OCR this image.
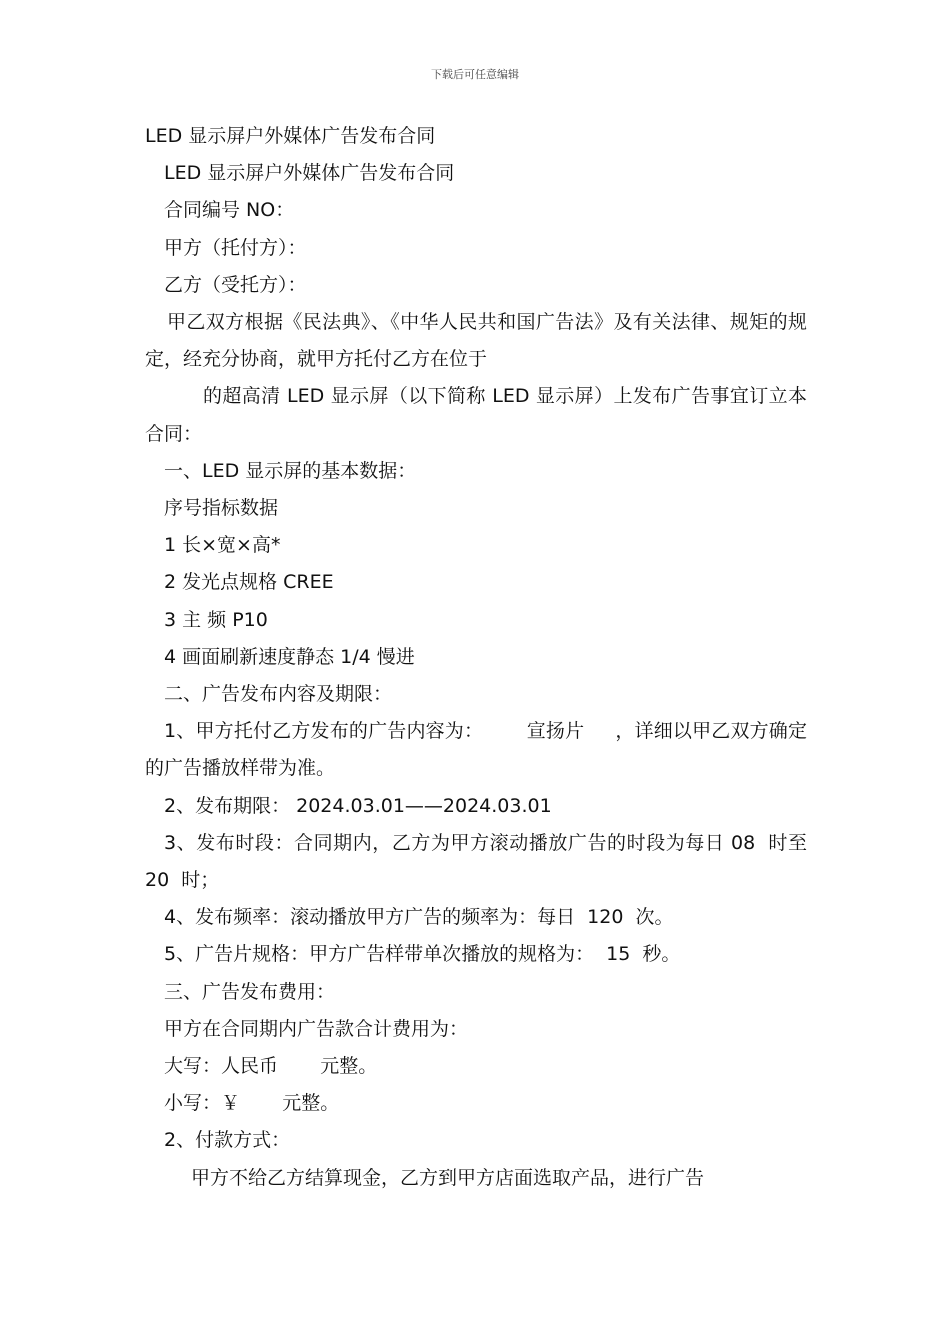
下载后可任意编辑

LED 显示屏户外媒体广告发布合同

LED 显示屏户外媒体广告发布合同

合同编号 NO：

甲方（托付方）：

乙方（受托方）：

甲乙双方根据《民法典》、《中华人民共和国广告法》及有关法律、规矩的规定，经充分协商，就甲方托付乙方在位于

的超高清 LED 显示屏（以下简称 LED 显示屏）上发布广告事宜订立本合同：

一、LED 显示屏的基本数据：

序号指标数据

1 长×宽×高*

2 发光点规格 CREE

3 主 频 P10

4 画面刷新速度静态 1/4 慢进

二、广告发布内容及期限：

1、甲方托付乙方发布的广告内容为：       宣扬片     ，详细以甲乙双方确定的广告播放样带为准。

2、发布期限： 2024.03.01——2024.03.01

3、发布时段：合同期内，乙方为甲方滚动播放广告的时段为每日 08  时至 20  时；

4、发布频率：滚动播放甲方广告的频率为：每日  120  次。

5、广告片规格：甲方广告样带单次播放的规格为：  15  秒。

三、广告发布费用：

甲方在合同期内广告款合计费用为：

大写：人民币       元整。

小写：￥       元整。

2、付款方式：

甲方不给乙方结算现金，乙方到甲方店面选取产品，进行广告
